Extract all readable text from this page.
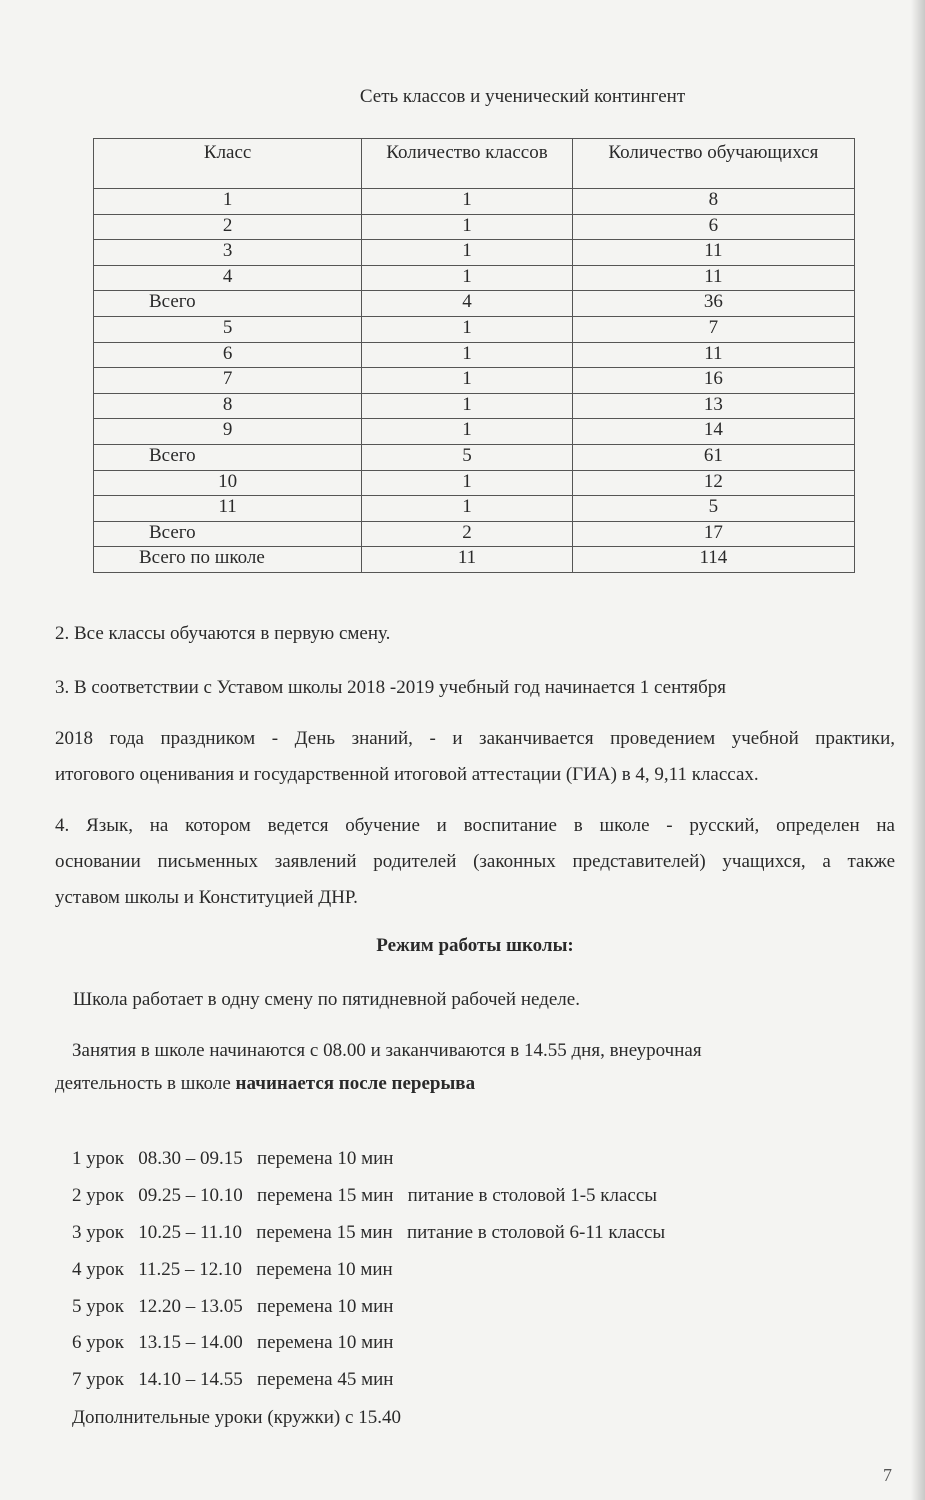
Сеть классов и ученический контингент
Класс	Количество классов	Количество обучающихся
1	1	8
2	1	6
3	1	11
4	1	11
Всего	4	36
5	1	7
6	1	11
7	1	16
8	1	13
9	1	14
Всего	5	61
10	1	12
11	1	5
Всего	2	17
Всего по школе	11	114
2. Все классы обучаются в первую смену.
3. В соответствии с Уставом школы 2018 -2019 учебный год начинается 1 сентября
2018 года праздником - День знаний, - и заканчивается проведением учебной практики,
итогового оценивания и государственной итоговой аттестации (ГИА) в 4, 9,11 классах.
4. Язык, на котором ведется обучение и воспитание в школе - русский, определен на
основании письменных заявлений родителей (законных представителей) учащихся, а также
уставом школы и Конституцией ДНР.
Режим работы школы:
Школа работает в одну смену по пятидневной рабочей неделе.
Занятия в школе начинаются с 08.00 и заканчиваются в 14.55 дня, внеурочная
деятельность в школе начинается после перерыва
1 урок   08.30 – 09.15   перемена 10 мин
2 урок   09.25 – 10.10   перемена 15 мин   питание в столовой 1-5 классы
3 урок   10.25 – 11.10   перемена 15 мин   питание в столовой 6-11 классы
4 урок   11.25 – 12.10   перемена 10 мин
5 урок   12.20 – 13.05   перемена 10 мин
6 урок   13.15 – 14.00   перемена 10 мин
7 урок   14.10 – 14.55   перемена 45 мин
Дополнительные уроки (кружки) с 15.40
7
